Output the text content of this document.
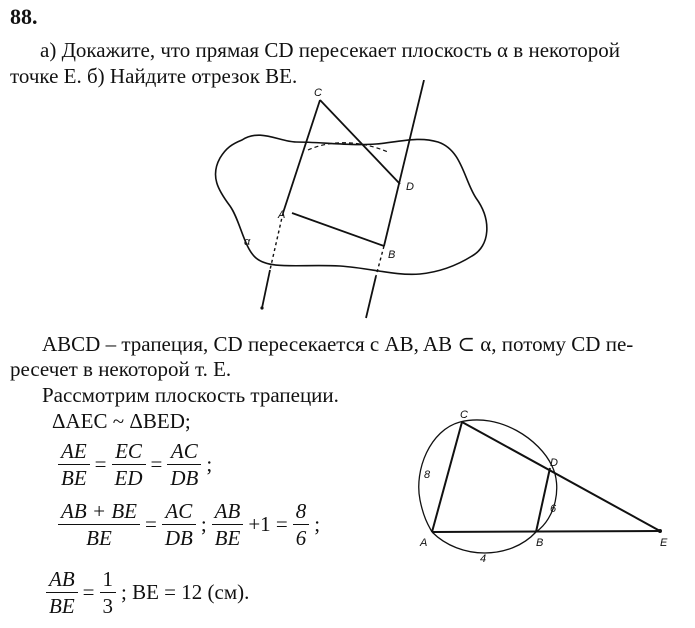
88.
а) Докажите, что прямая CD пересекает плоскость α в некоторой
точке E. б) Найдите отрезок BE.
C
D
A
B
α
ABCD – трапеция, CD пересекается с AB, AB ⊂ α, потому CD пе-
ресечет в некоторой т. E.
Рассмотрим плоскость трапеции.
ΔAEC ~ ΔBED;
$\frac{AE}{BE} = \frac{EC}{ED} = \frac{AC}{DB}$ ;
$\frac{AB + BE}{BE} = \frac{AC}{DB}$ ; $\frac{AB}{BE} +1 = \frac{8}{6}$ ;
$\frac{AB}{BE} = \frac{1}{3}$ ; BE = 12 (см).
C
D
A	B	E
8
6
4
